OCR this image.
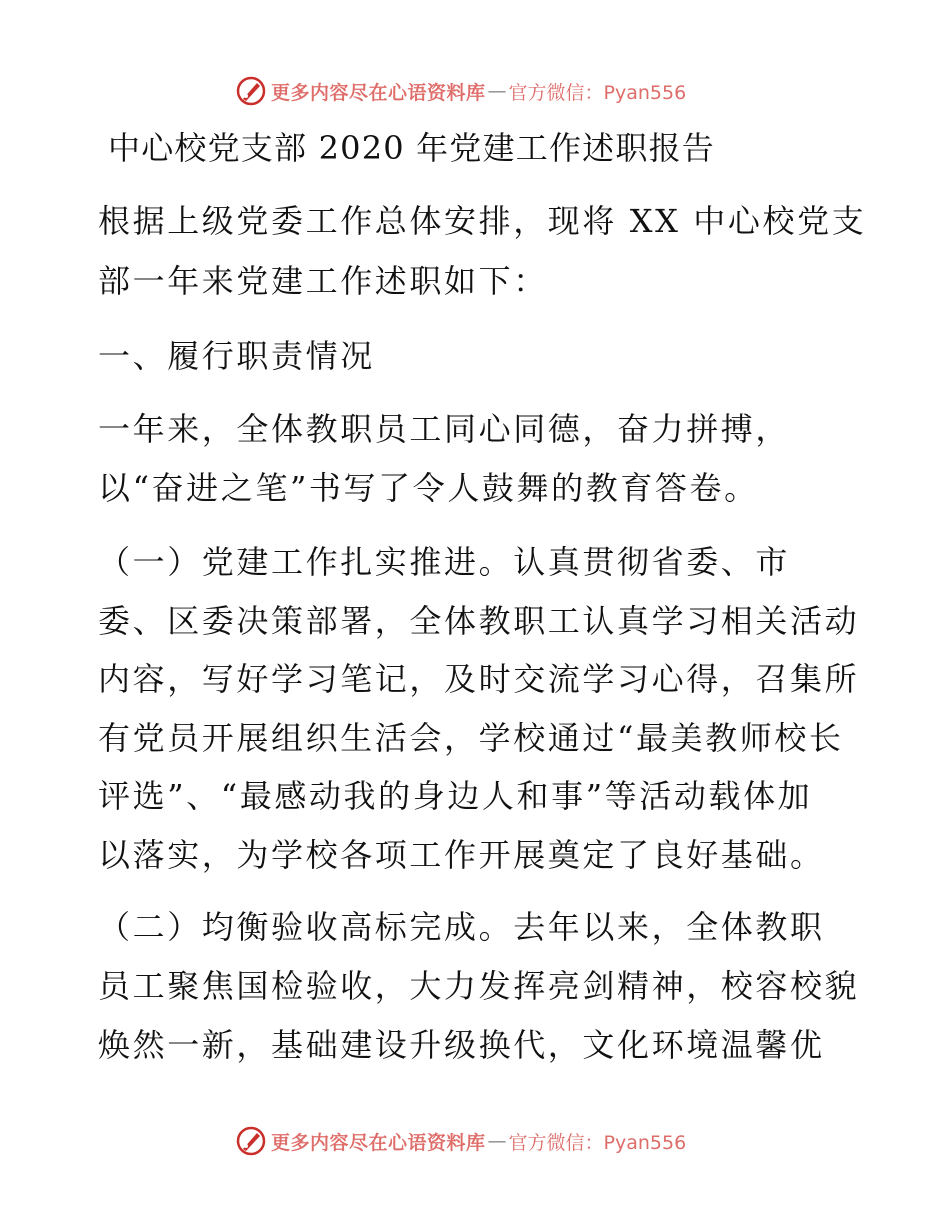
更多内容尽在心语资料库 — 官方微信：Pyan556
中心校党支部 2020 年党建工作述职报告
根据上级党委工作总体安排，现将 XX 中心校党支
部一年来党建工作述职如下：
一、履行职责情况
一年来，全体教职员工同心同德，奋力拼搏，
以“奋进之笔”书写了令人鼓舞的教育答卷。
（一）党建工作扎实推进。认真贯彻省委、市
委、区委决策部署，全体教职工认真学习相关活动
内容，写好学习笔记，及时交流学习心得，召集所
有党员开展组织生活会，学校通过“最美教师校长
评选”、“最感动我的身边人和事”等活动载体加
以落实，为学校各项工作开展奠定了良好基础。
（二）均衡验收高标完成。去年以来，全体教职
员工聚焦国检验收，大力发挥亮剑精神，校容校貌
焕然一新，基础建设升级换代，文化环境温馨优
更多内容尽在心语资料库 — 官方微信：Pyan556
